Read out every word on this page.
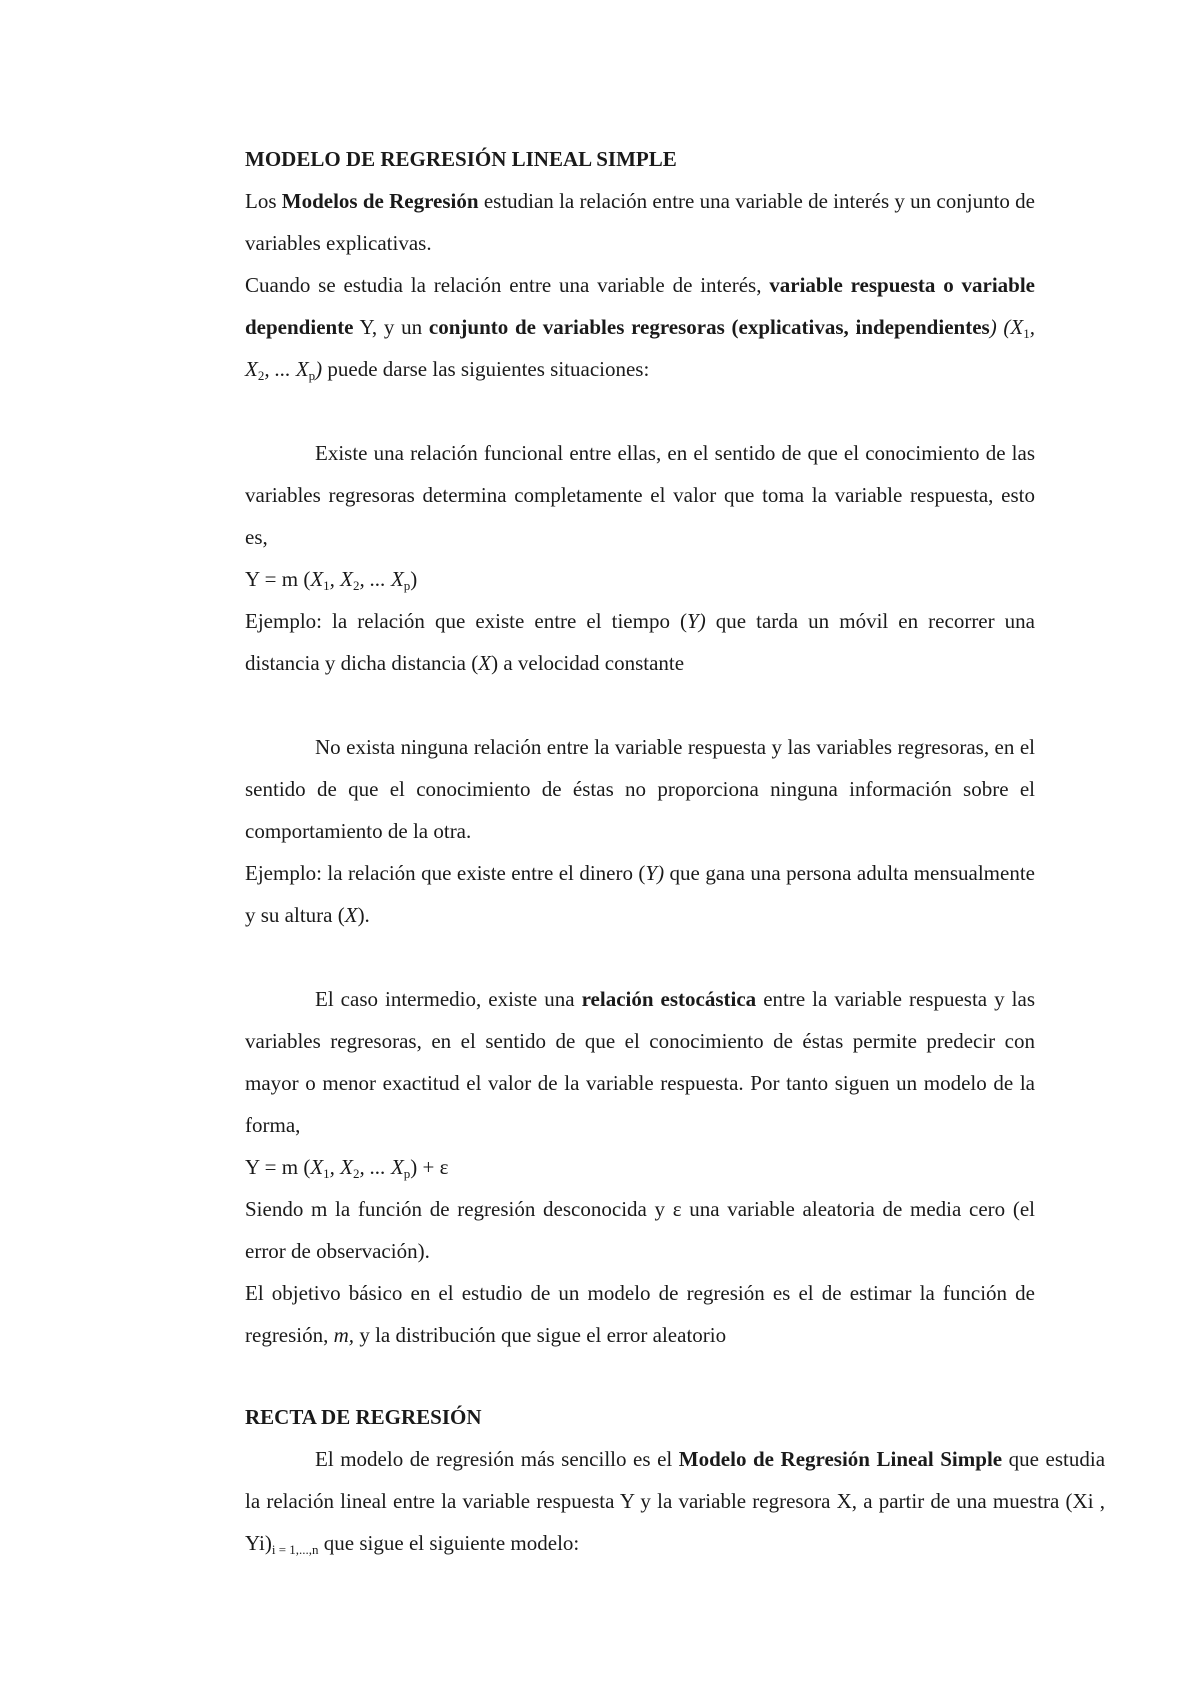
MODELO DE REGRESIÓN LINEAL SIMPLE

Los Modelos de Regresión estudian la relación entre una variable de interés y un conjunto de variables explicativas.

Cuando se estudia la relación entre una variable de interés, variable respuesta o variable dependiente Y, y un conjunto de variables regresoras (explicativas, independientes) ($X_1$, $X_2$, ... $X_p$) puede darse las siguientes situaciones:

Existe una relación funcional entre ellas, en el sentido de que el conocimiento de las variables regresoras determina completamente el valor que toma la variable respuesta, esto es,

Y = m ($X_1$, $X_2$, ... $X_p$)

Ejemplo: la relación que existe entre el tiempo (Y) que tarda un móvil en recorrer una distancia y dicha distancia (X) a velocidad constante

No exista ninguna relación entre la variable respuesta y las variables regresoras, en el sentido de que el conocimiento de éstas no proporciona ninguna información sobre el comportamiento de la otra.

Ejemplo: la relación que existe entre el dinero (Y) que gana una persona adulta mensualmente y su altura (X).

El caso intermedio, existe una relación estocástica entre la variable respuesta y las variables regresoras, en el sentido de que el conocimiento de éstas permite predecir con mayor o menor exactitud el valor de la variable respuesta. Por tanto siguen un modelo de la forma,

Y = m ($X_1$, $X_2$, ... $X_p) + \varepsilon$

Siendo m la función de regresión desconocida y ε una variable aleatoria de media cero (el error de observación).

El objetivo básico en el estudio de un modelo de regresión es el de estimar la función de regresión, m, y la distribución que sigue el error aleatorio

RECTA DE REGRESIÓN

El modelo de regresión más sencillo es el Modelo de Regresión Lineal Simple que estudia la relación lineal entre la variable respuesta Y y la variable regresora X, a partir de una muestra (Xi , $Yi)_{i = 1,...,n}$ que sigue el siguiente modelo:
